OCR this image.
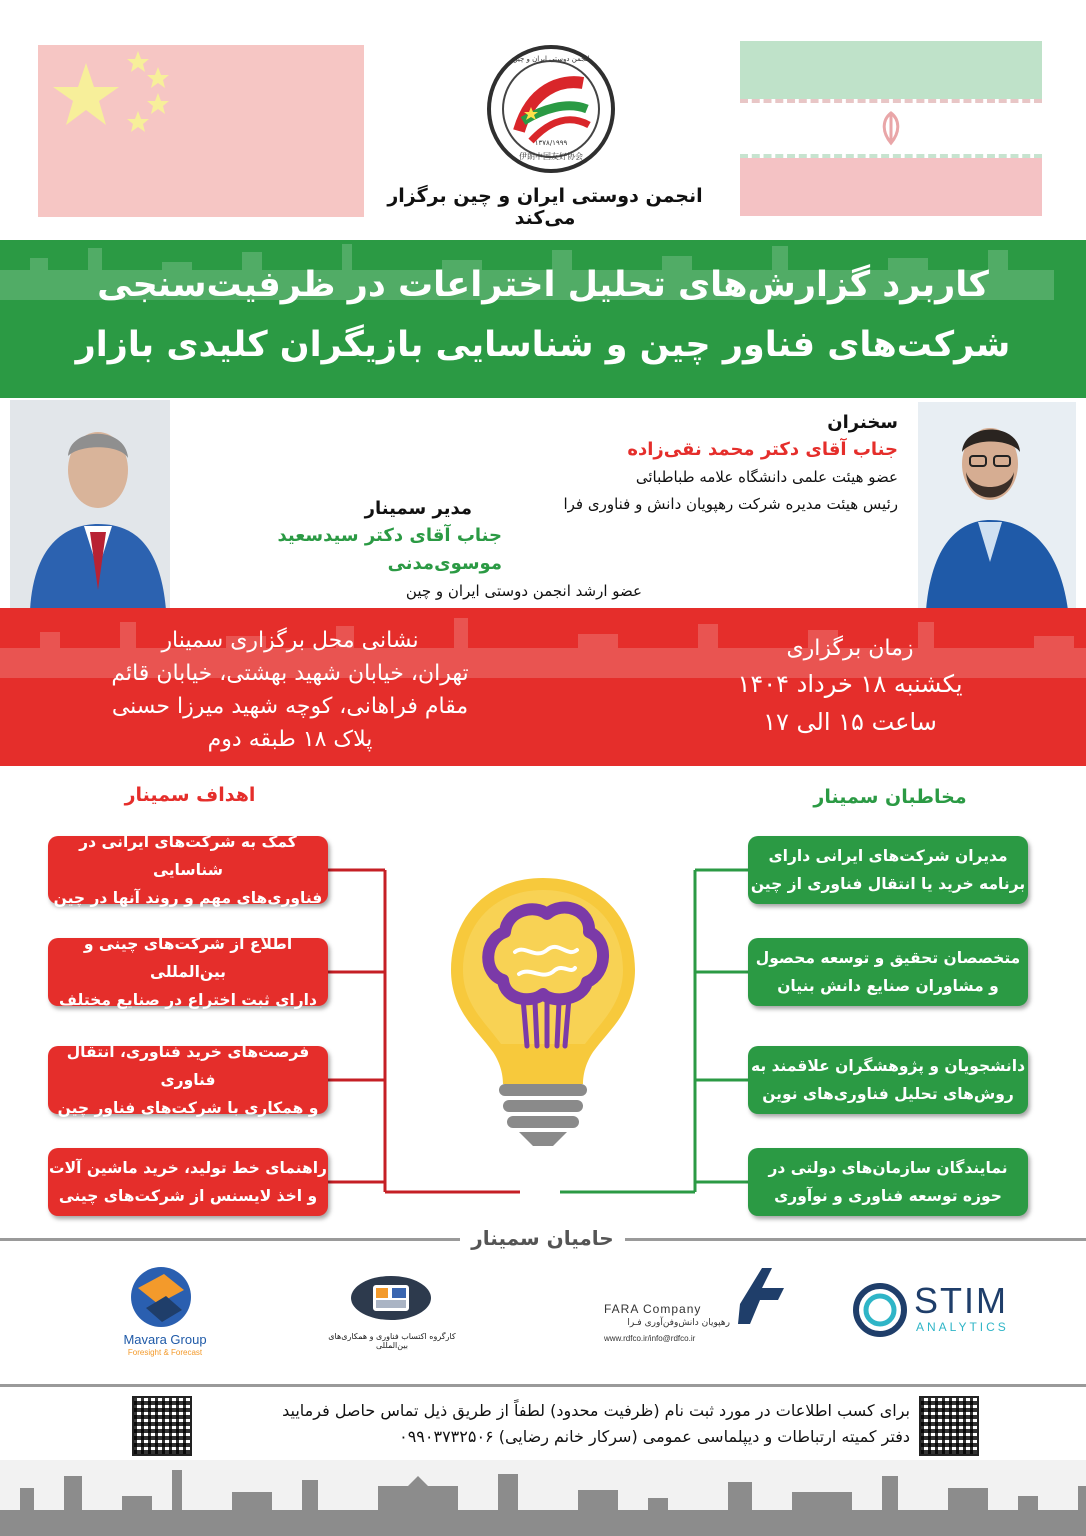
انجمن دوستی ایران و چین
۱۳۷۸/۱۹۹۹
伊朗中国友好协会
انجمن دوستی ایران و چین برگزار می‌کند
کاربرد گزارش‌های تحلیل اختراعات در ظرفیت‌سنجی
شرکت‌های فناور چین و شناسایی بازیگران کلیدی بازار
سخنران
جناب آقای دکتر محمد نقی‌زاده
عضو هیئت علمی دانشگاه علامه طباطبائی
رئیس هیئت مدیره شرکت رهپویان دانش و فناوری فرا
مدیر سمینار
جناب آقای دکتر سیدسعید موسوی‌مدنی
عضو ارشد انجمن دوستی ایران و چین
زمان برگزاری
یکشنبه ۱۸ خرداد ۱۴۰۴
ساعت ۱۵ الی ۱۷
نشانی محل برگزاری سمینار
تهران، خیابان شهید بهشتی، خیابان قائم
مقام فراهانی، کوچه شهید میرزا حسنی
پلاک ۱۸ طبقه دوم
اهداف سمینار	مخاطبان سمینار
کمک به شرکت‌های ایرانی در شناسایی
فناوری‌های مهم و روند آنها در چین
اطلاع از شرکت‌های چینی و بین‌المللی
دارای ثبت اختراع در صنایع مختلف
فرصت‌های خرید فناوری، انتقال فناوری
و همکاری با شرکت‌های فناور چین
راهنمای خط تولید، خرید ماشین آلات
و اخذ لایسنس از شرکت‌های چینی
مدیران شرکت‌های ایرانی دارای
برنامه خرید یا انتقال فناوری از چین
متخصصان تحقیق و توسعه محصول
و مشاوران صنایع دانش بنیان
دانشجویان و پژوهشگران علاقمند به
روش‌های تحلیل فناوری‌های نوین
نمایندگان سازمان‌های دولتی در
حوزه توسعه فناوری و نوآوری
حامیان سمینار
STIM
ANALYTICS
FARA Company
رهپویان دانش‌وفن‌آوری فـرا
www.rdfco.ir/info@rdfco.ir
کارگروه اکتساب فناوری و همکاری‌های بین‌المللی
Mavara Group
Foresight & Forecast
برای کسب اطلاعات در مورد ثبت نام (ظرفیت محدود) لطفاً از طریق ذیل تماس حاصل فرمایید
دفتر کمیته ارتباطات و دیپلماسی عمومی (سرکار خانم رضایی) ۰۹۹۰۳۷۳۲۵۰۶
